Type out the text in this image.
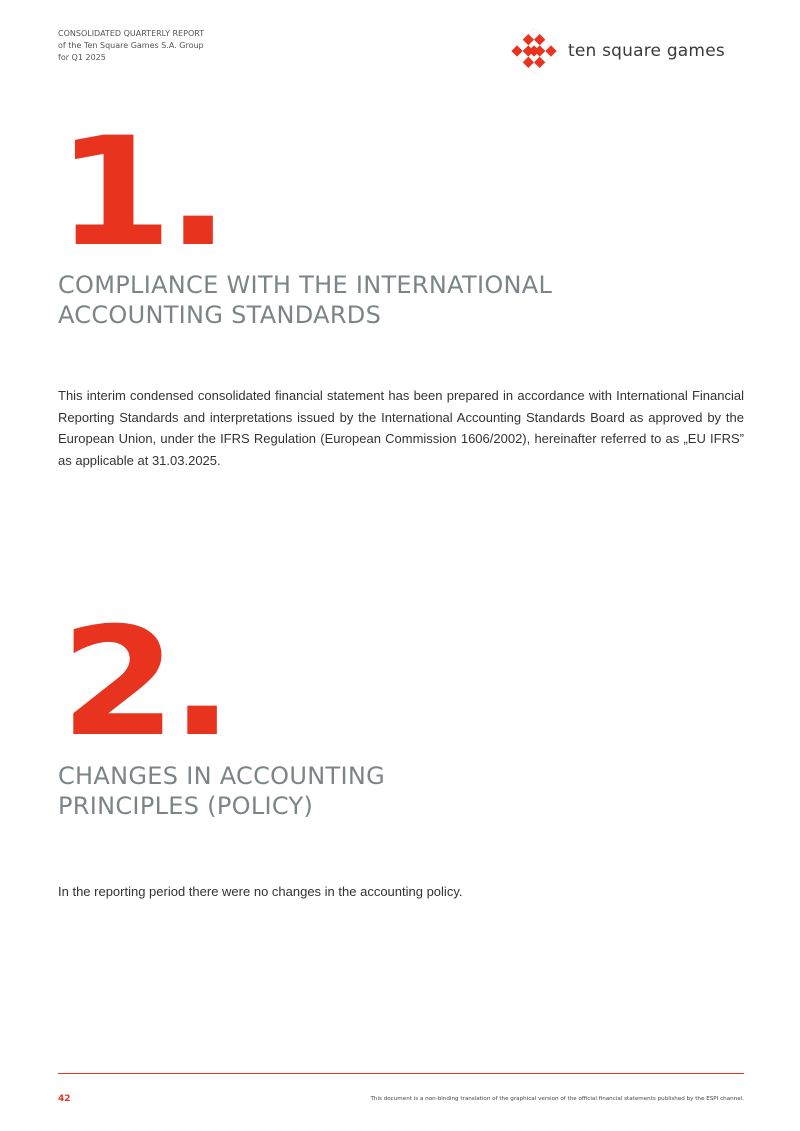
CONSOLIDATED QUARTERLY REPORT
of the Ten Square Games S.A. Group
for Q1 2025	ten square games
1.
COMPLIANCE WITH THE INTERNATIONAL
ACCOUNTING STANDARDS
This interim condensed consolidated financial statement has been prepared in accordance with International Financial Reporting Standards and interpretations issued by the International Accounting Standards Board as approved by the European Union, under the IFRS Regulation (European Commission 1606/2002), hereinafter referred to as „EU IFRS” as applicable at 31.03.2025.
2.
CHANGES IN ACCOUNTING
PRINCIPLES (POLICY)
In the reporting period there were no changes in the accounting policy.
42	This document is a non-binding translation of the graphical version of the official financial statements published by the ESPI channel.
